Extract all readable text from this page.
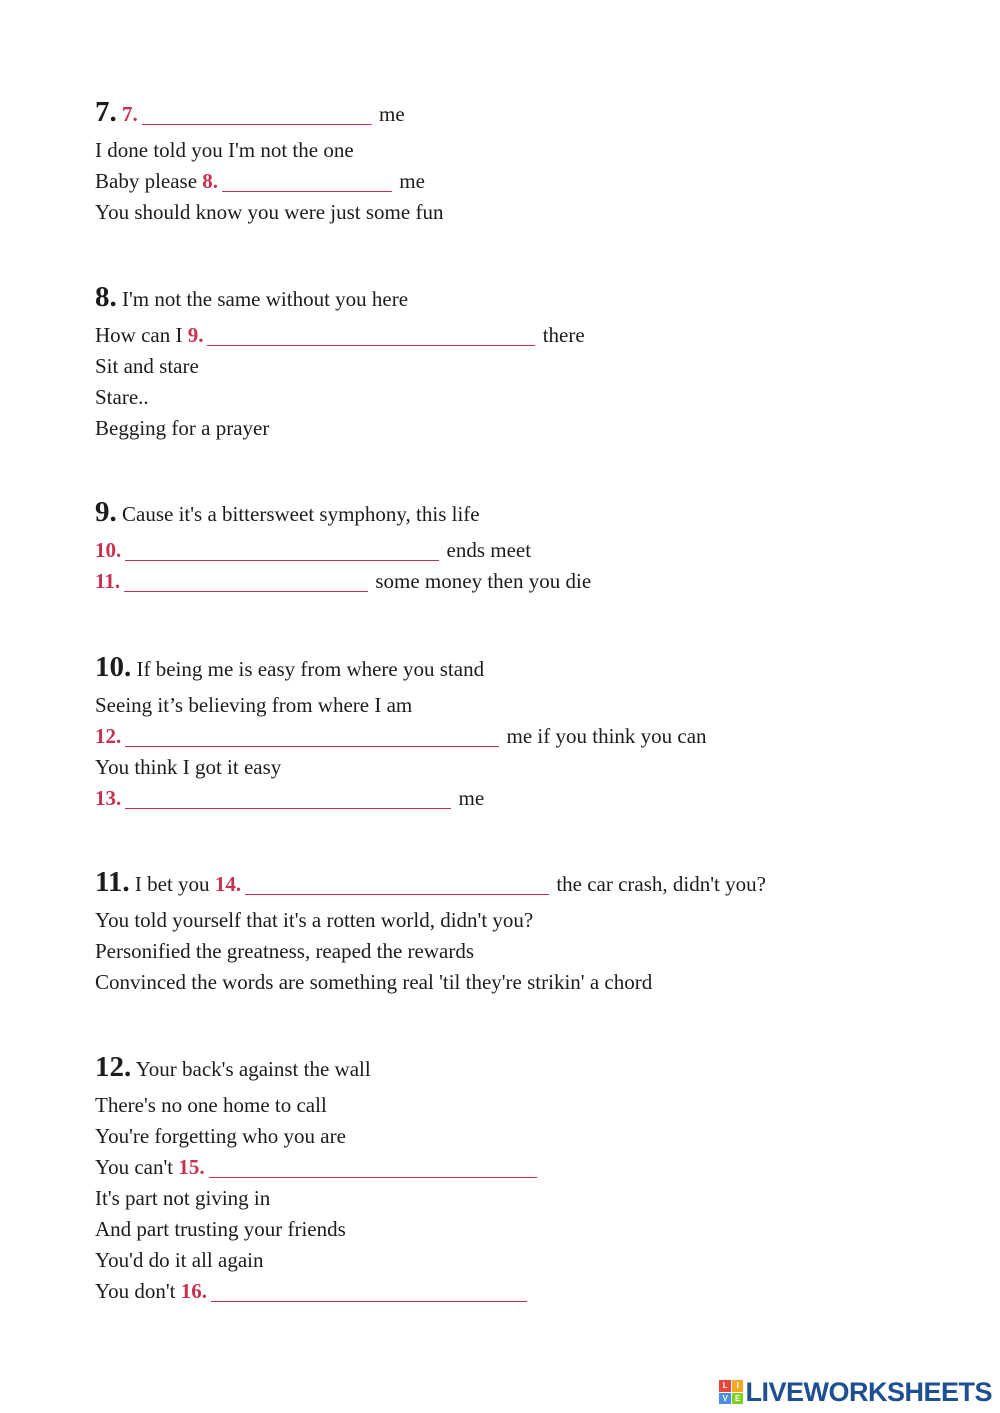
7. 7.	me
I done told you I'm not the one
Baby please 8.	me
You should know you were just some fun
8. I'm not the same without you here
How can I 9.	there
Sit and stare
Stare..
Begging for a prayer
9. Cause it's a bittersweet symphony, this life
10.	ends meet
11.	some money then you die
10. If being me is easy from where you stand
Seeing it’s believing from where I am
12.	me if you think you can
You think I got it easy
13.	me
11. I bet you 14.	the car crash, didn't you?
You told yourself that it's a rotten world, didn't you?
Personified the greatness, reaped the rewards
Convinced the words are something real 'til they're strikin' a chord
12. Your back's against the wall
There's no one home to call
You're forgetting who you are
You can't 15.
It's part not giving in
And part trusting your friends
You'd do it all again
You don't 16.
L	I
V E LIVEWORKSHEETS
